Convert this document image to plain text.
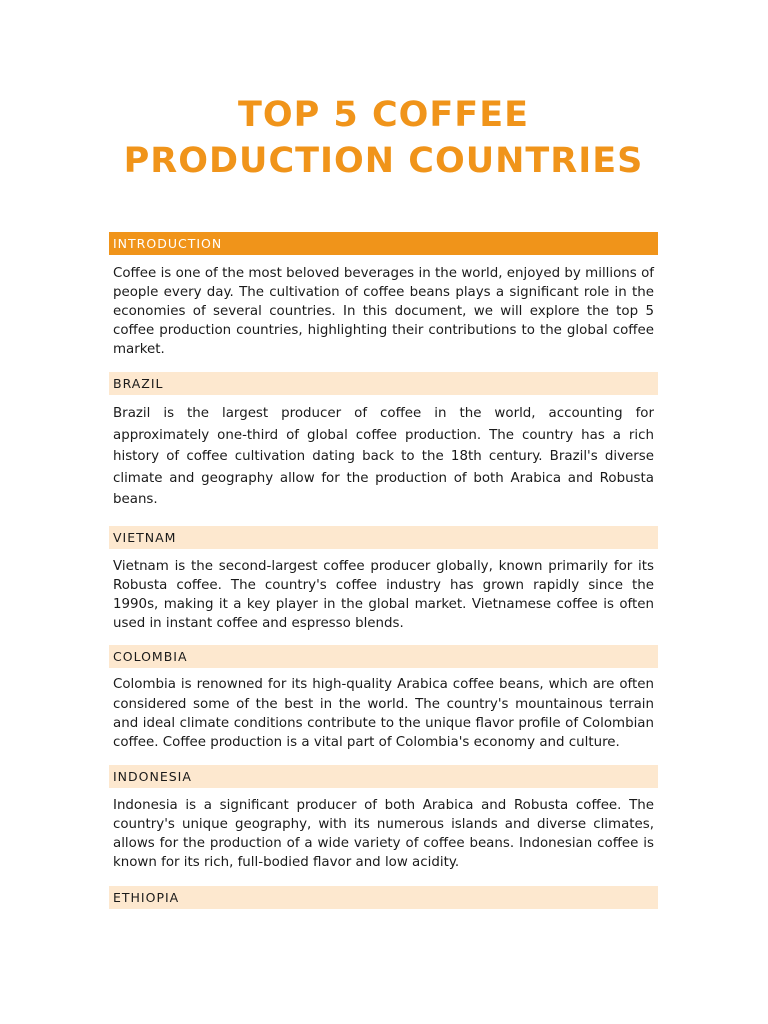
TOP 5 COFFEE
PRODUCTION COUNTRIES
INTRODUCTION

Coffee is one of the most beloved beverages in the world, enjoyed by millions of people every day. The cultivation of coffee beans plays a significant role in the economies of several countries. In this document, we will explore the top 5 coffee production countries, highlighting their contributions to the global coffee market.

BRAZIL

Brazil is the largest producer of coffee in the world, accounting for approximately one-third of global coffee production. The country has a rich history of coffee cultivation dating back to the 18th century. Brazil's diverse climate and geography allow for the production of both Arabica and Robusta beans.

VIETNAM

Vietnam is the second-largest coffee producer globally, known primarily for its Robusta coffee. The country's coffee industry has grown rapidly since the 1990s, making it a key player in the global market. Vietnamese coffee is often used in instant coffee and espresso blends.

COLOMBIA

Colombia is renowned for its high-quality Arabica coffee beans, which are often considered some of the best in the world. The country's mountainous terrain and ideal climate conditions contribute to the unique flavor profile of Colombian coffee. Coffee production is a vital part of Colombia's economy and culture.

INDONESIA

Indonesia is a significant producer of both Arabica and Robusta coffee. The country's unique geography, with its numerous islands and diverse climates, allows for the production of a wide variety of coffee beans. Indonesian coffee is known for its rich, full-bodied flavor and low acidity.

ETHIOPIA
